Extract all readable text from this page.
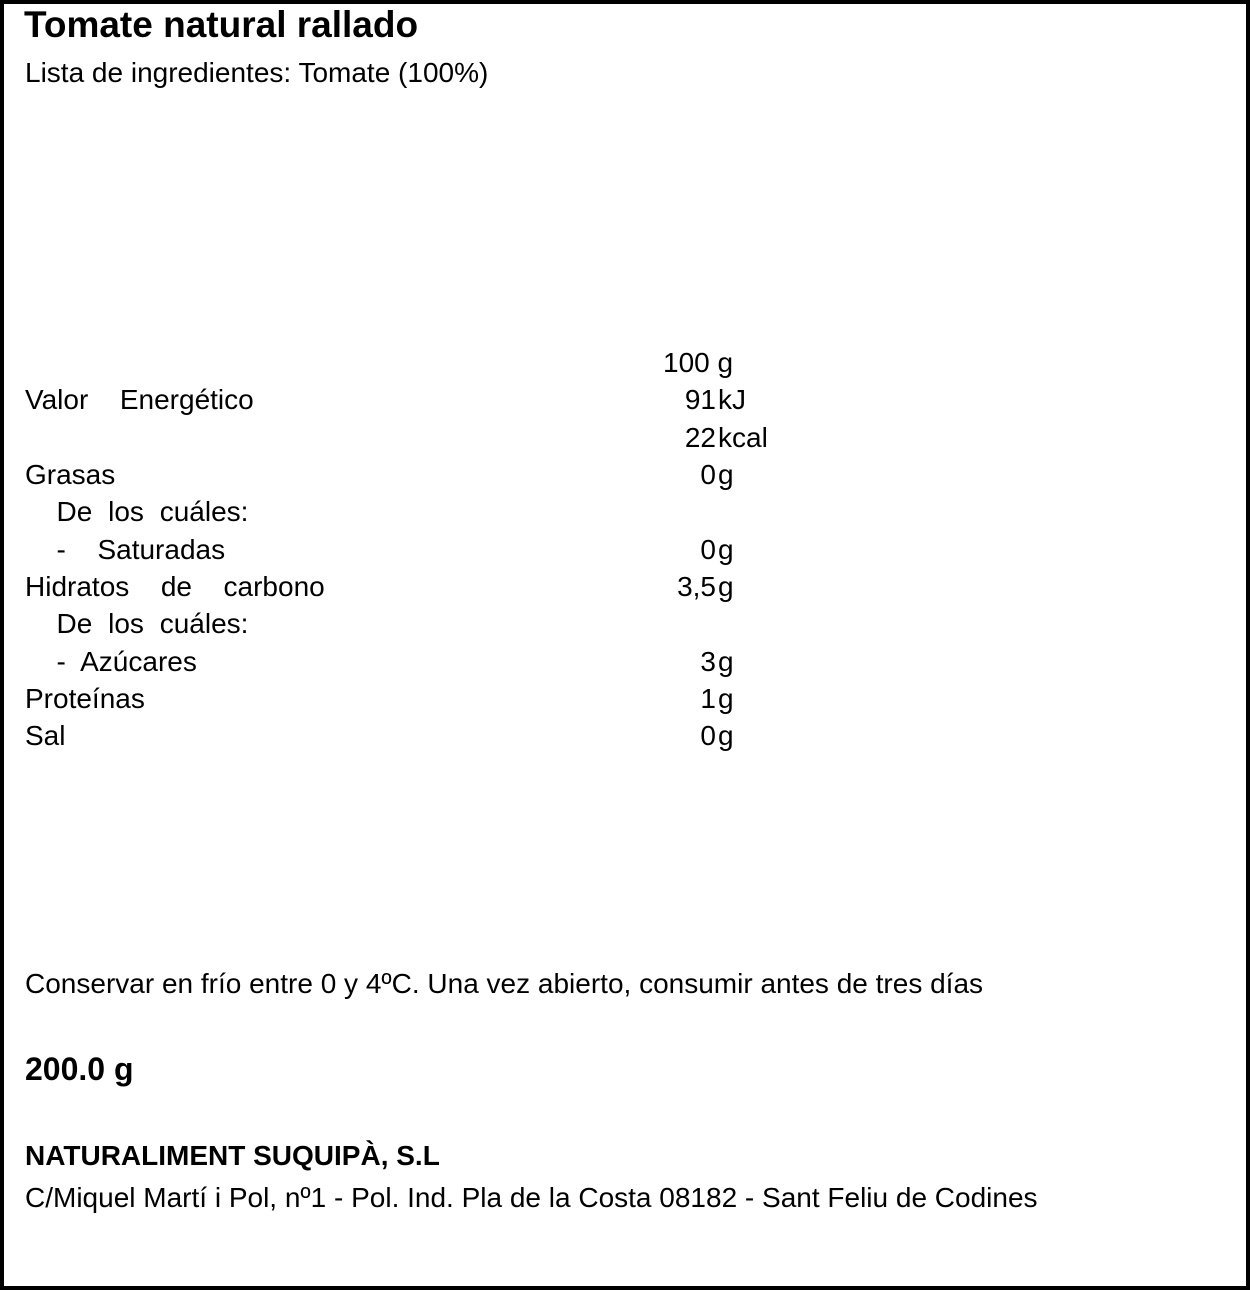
Tomate natural rallado
Lista de ingredientes: Tomate (100%)
100 g
Valor  Energético	91 kJ
22 kcal
Grasas	0 g
De los cuáles:
-  Saturadas	0 g
Hidratos  de  carbono	3,5 g
De los cuáles:
- Azúcares	3 g
Proteínas	1 g
Sal	0 g
Conservar en frío entre 0 y 4ºC. Una vez abierto, consumir antes de tres días
200.0 g
NATURALIMENT SUQUIPÀ, S.L
C/Miquel Martí i Pol, nº1 - Pol. Ind. Pla de la Costa 08182 - Sant Feliu de Codines
